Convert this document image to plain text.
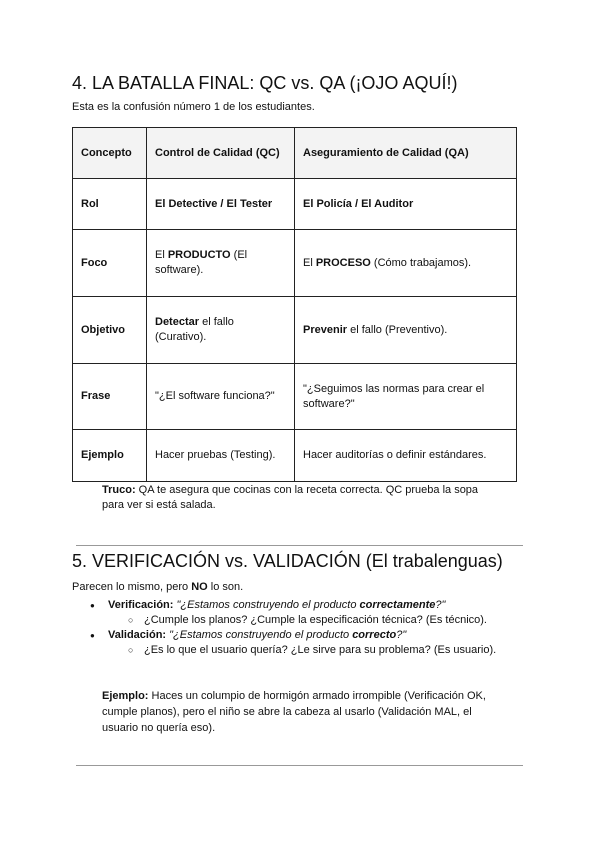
4. LA BATALLA FINAL: QC vs. QA (¡OJO AQUÍ!)

Esta es la confusión número 1 de los estudiantes.

Concepto	Control de Calidad (QC)	Aseguramiento de Calidad (QA)
Rol	El Detective / El Tester	El Policía / El Auditor
Foco	El PRODUCTO (El software).	El PROCESO (Cómo trabajamos).
Objetivo	Detectar el fallo (Curativo).	Prevenir el fallo (Preventivo).
Frase	"¿El software funciona?"	"¿Seguimos las normas para crear el software?"
Ejemplo	Hacer pruebas (Testing).	Hacer auditorías o definir estándares.
Truco: QA te asegura que cocinas con la receta correcta. QC prueba la sopa para ver si está salada.
5. VERIFICACIÓN vs. VALIDACIÓN (El trabalenguas)

Parecen lo mismo, pero NO lo son.

● Verificación: "¿Estamos construyendo el producto correctamente?"
○ ¿Cumple los planos? ¿Cumple la especificación técnica? (Es técnico).
● Validación: "¿Estamos construyendo el producto correcto?"
○ ¿Es lo que el usuario quería? ¿Le sirve para su problema? (Es usuario).
Ejemplo: Haces un columpio de hormigón armado irrompible (Verificación OK, cumple planos), pero el niño se abre la cabeza al usarlo (Validación MAL, el usuario no quería eso).
